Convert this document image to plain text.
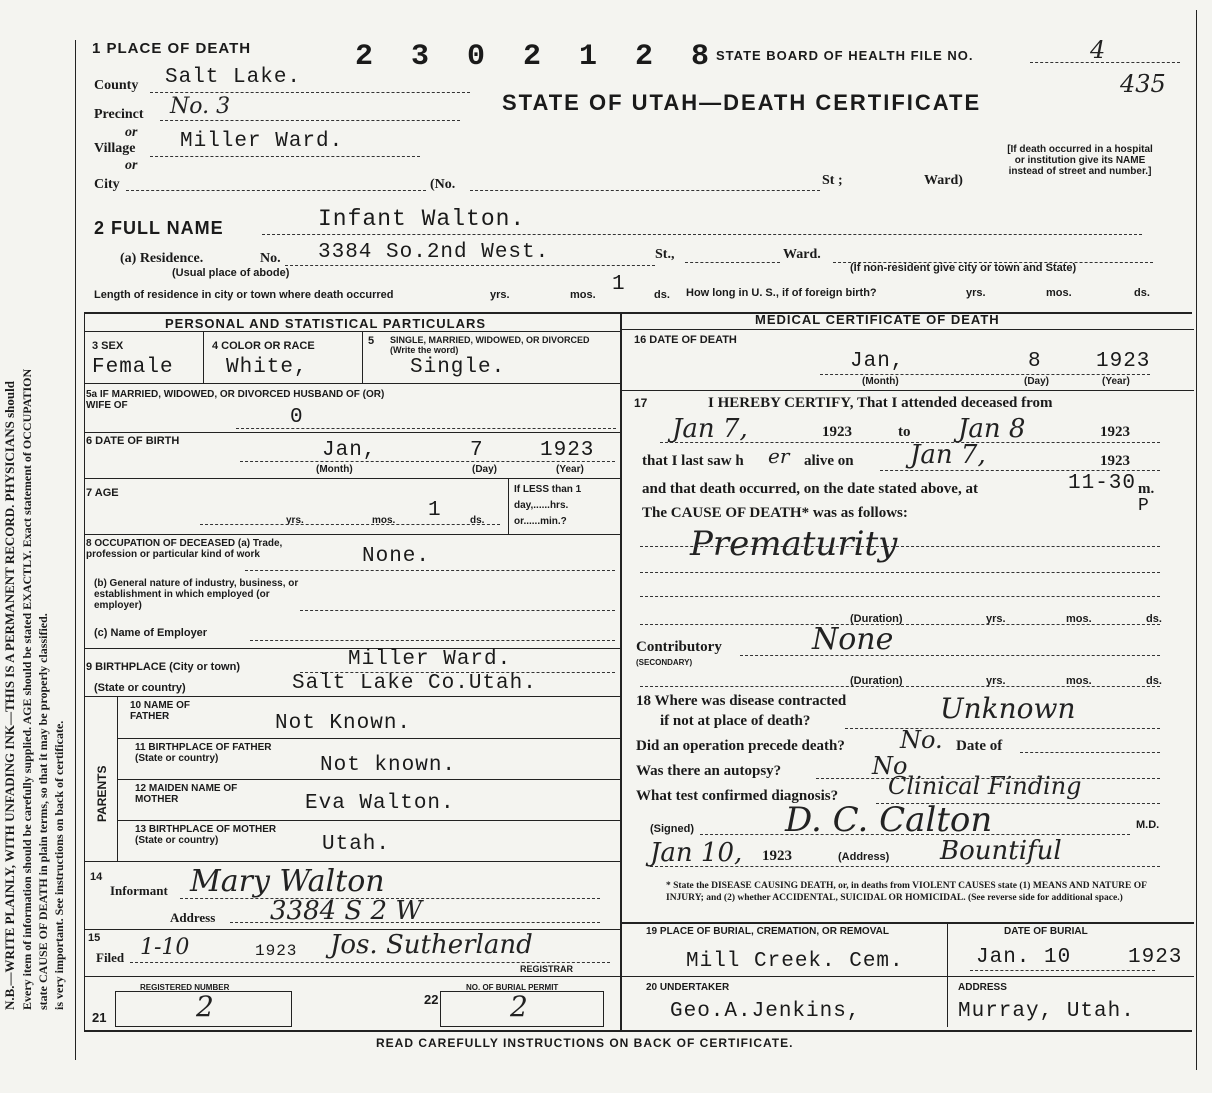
N.B.—WRITE PLAINLY, WITH UNFADING INK—THIS IS A PERMANENT RECORD. PHYSICIANS should Every item of information should be carefully supplied. AGE should be stated EXACTLY. Exact statement of OCCUPATION state CAUSE OF DEATH in plain terms, so that it may be properly classified. is very important. See instructions on back of certificate.
1 PLACE OF DEATH	2 3 0 2 1 2 8
STATE BOARD OF HEALTH FILE NO.	4
435
STATE OF UTAH—DEATH CERTIFICATE
County Salt Lake.
Precinct No. 3
or
Village Miller Ward.
or
City	(No.	St ;	Ward)
[If death occurred in a hospital or institution give its NAME instead of street and number.]
2 FULL NAME	Infant Walton.
(a) Residence.	No. 3384 So.2nd West.	St.,	Ward.
(Usual place of abode)	(If non-resident give city or town and State)
Length of residence in city or town where death occurred	yrs.	mos. 1	ds. How long in U. S., if of foreign birth?	yrs.	mos.	ds.
PERSONAL AND STATISTICAL PARTICULARS	MEDICAL CERTIFICATE OF DEATH
3 SEX
Female
4 COLOR OR RACE
White,
5 SINGLE, MARRIED, WIDOWED, OR DIVORCED (Write the word)
Single.
5a IF MARRIED, WIDOWED, OR DIVORCED HUSBAND OF (OR) WIFE OF
0
6 DATE OF BIRTH	Jan,	7	1923
(Month)	(Day)	(Year)
7 AGE
yrs.	mos. 1	ds.
If LESS than 1 day,......hrs. or......min.?
8 OCCUPATION OF DECEASED (a) Trade, profession or particular kind of work	None.
(b) General nature of industry, business, or establishment in which employed (or employer)
(c) Name of Employer
9 BIRTHPLACE (City or town)	Miller Ward.
(State or country)	Salt Lake Co.Utah.
PARENTS
10 NAME OF FATHER	Not Known.
11 BIRTHPLACE OF FATHER (State or country)	Not known.
12 MAIDEN NAME OF MOTHER	Eva Walton.
13 BIRTHPLACE OF MOTHER (State or country)	Utah.
14
Informant Mary Walton
Address 3384 S 2 W
15
Filed 1-10	1923 Jos. Sutherland
REGISTRAR
21
REGISTERED NUMBER
2	22
NO. OF BURIAL PERMIT
2
16 DATE OF DEATH
Jan,	8	1923
(Month)	(Day)	(Year)
17	I HEREBY CERTIFY, That I attended deceased from
Jan 7,	1923	to Jan 8	1923
that I last saw h er alive on Jan 7,	1923
and that death occurred, on the date stated above, at	11-30 m.
P
The CAUSE OF DEATH* was as follows:
Prematurity
(Duration)	yrs.	mos.	ds.
Contributory
(SECONDARY)
None
(Duration)	yrs.	mos.	ds.
18 Where was disease contracted
if not at place of death?	Unknown
Did an operation precede death? No. Date of
Was there an autopsy?	No
What test confirmed diagnosis? Clinical Finding
(Signed)	D. C. Calton	M.D.
Jan 10, 1923	(Address) Bountiful
* State the DISEASE CAUSING DEATH, or, in deaths from VIOLENT CAUSES state (1) MEANS AND NATURE OF INJURY; and (2) whether ACCIDENTAL, SUICIDAL OR HOMICIDAL. (See reverse side for additional space.)
19 PLACE OF BURIAL, CREMATION, OR REMOVAL
Mill Creek. Cem.
DATE OF BURIAL
Jan. 10	1923
20 UNDERTAKER
Geo.A.Jenkins,
ADDRESS
Murray, Utah.
READ CAREFULLY INSTRUCTIONS ON BACK OF CERTIFICATE.
